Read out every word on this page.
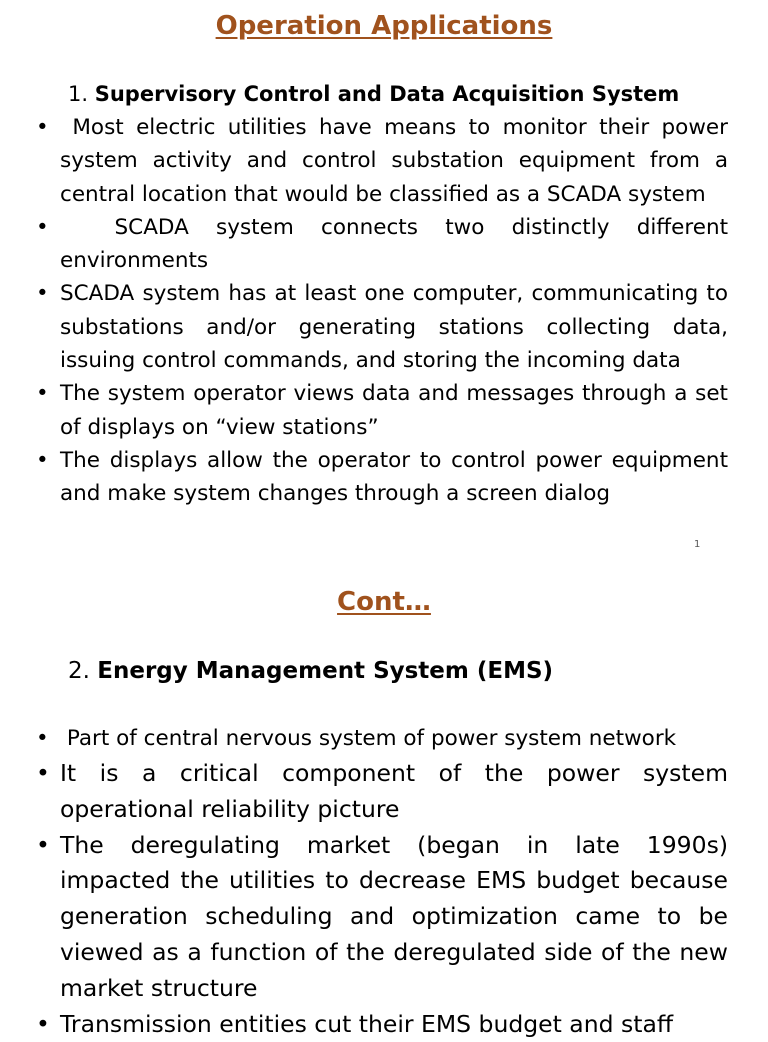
Operation Applications

1. Supervisory Control and Data Acquisition System

• Most electric utilities have means to monitor their power system activity and control substation equipment from a central location that would be classified as a SCADA system
•	SCADA system connects two distinctly different environments
• SCADA system has at least one computer, communicating to substations and/or generating stations collecting data, issuing control commands, and storing the incoming data
• The system operator views data and messages through a set of displays on “view stations”
• The displays allow the operator to control power equipment and make system changes through a screen dialog

1

Cont…

2. Energy Management System (EMS)

• Part of central nervous system of power system network
• It is a critical component of the power system operational reliability picture
• The deregulating market (began in late 1990s) impacted the utilities to decrease EMS budget because generation scheduling and optimization came to be viewed as a function of the deregulated side of the new market structure
• Transmission entities cut their EMS budget and staff
